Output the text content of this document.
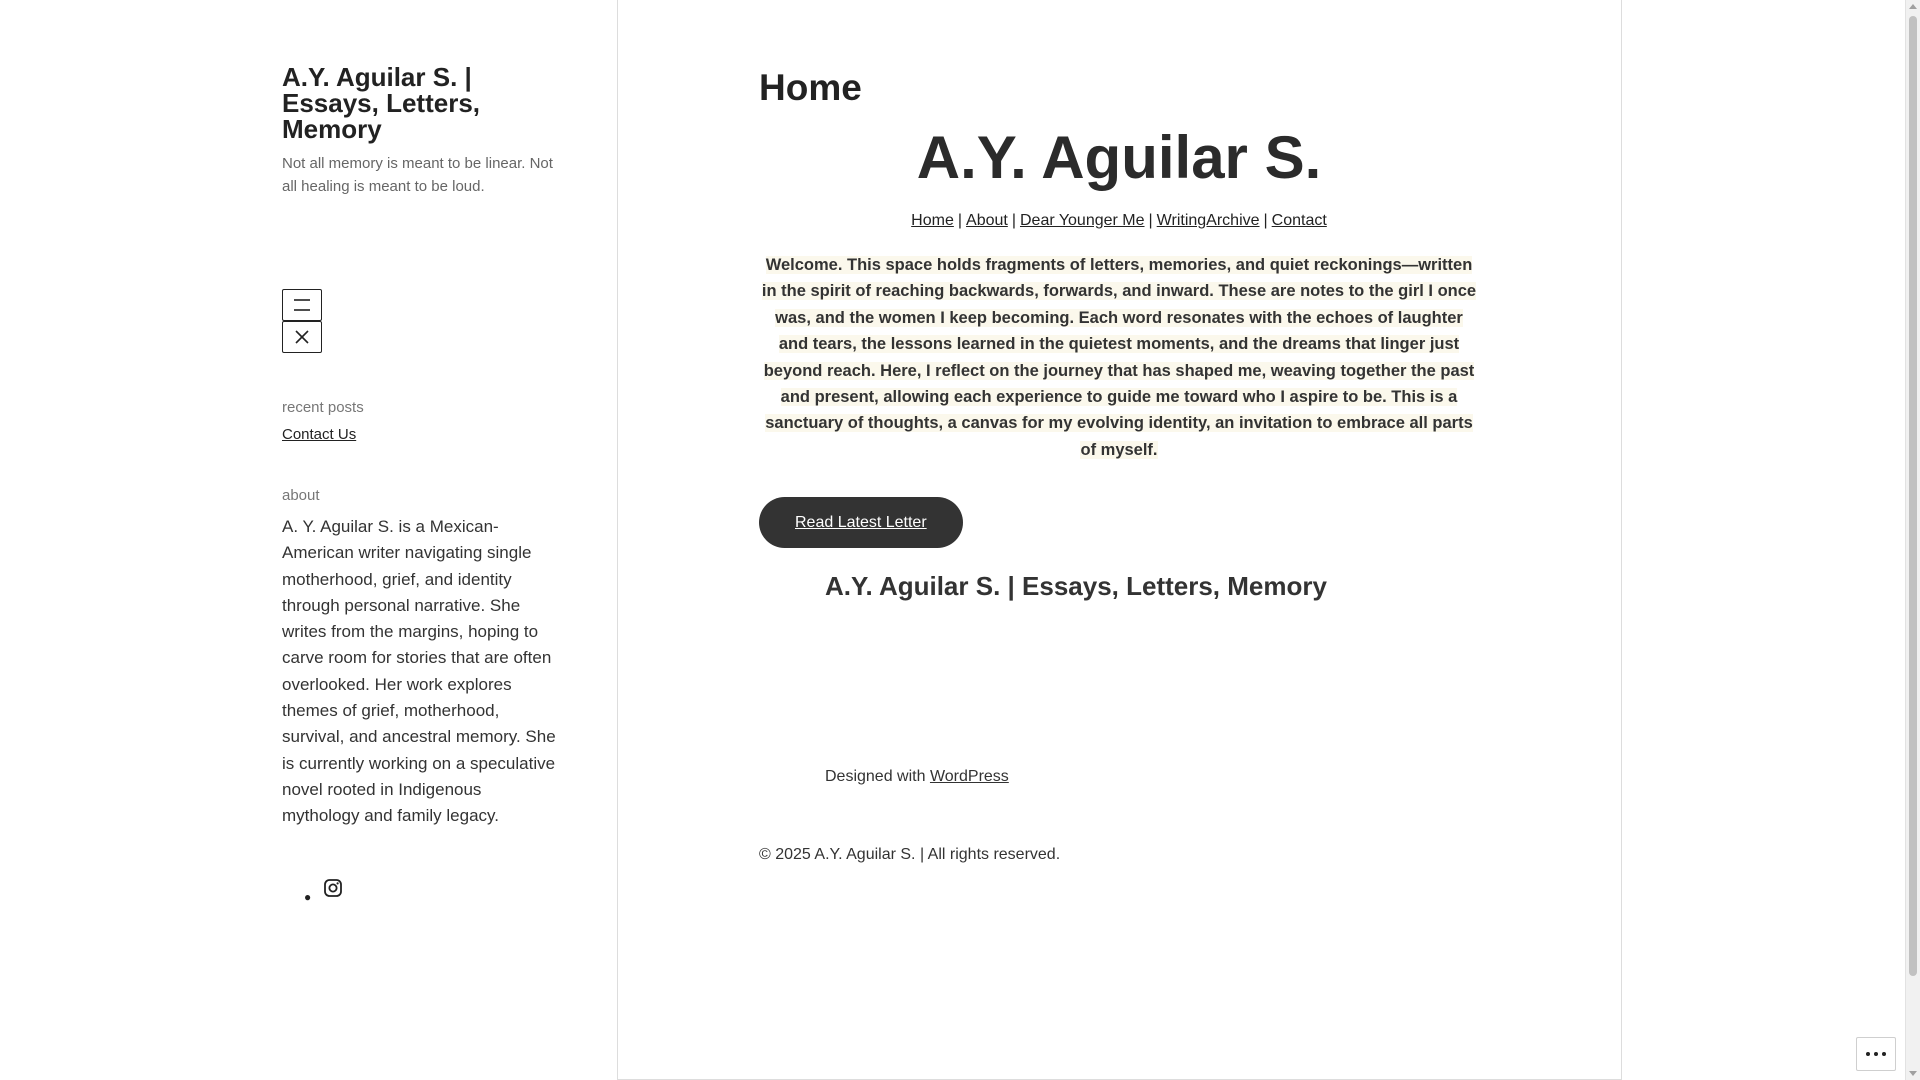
A.Y. Aguilar S. | Essays, Letters, Memory
Not all memory is meant to be linear. Not all healing is meant to be loud.
recent posts
Contact Us
about
A. Y. Aguilar S. is a Mexican-American writer navigating single motherhood, grief, and identity through personal narrative. She writes from the margins, hoping to carve room for stories that are often overlooked. Her work explores themes of grief, motherhood, survival, and ancestral memory. She is currently working on a speculative novel rooted in Indigenous mythology and family legacy.
●
Home
A.Y. Aguilar S.
Home | About | Dear Younger Me | WritingArchive | Contact
Welcome. This space holds fragments of letters, memories, and quiet reckonings—written in the spirit of reaching backwards, forwards, and inward. These are notes to the girl I once was, and the women I keep becoming. Each word resonates with the echoes of laughter and tears, the lessons learned in the quietest moments, and the dreams that linger just beyond reach. Here, I reflect on the journey that has shaped me, weaving together the past and present, allowing each experience to guide me toward who I aspire to be. This is a sanctuary of thoughts, a canvas for my evolving identity, an invitation to embrace all parts of myself.
Read Latest Letter
A.Y. Aguilar S. | Essays, Letters, Memory
Designed with WordPress
© 2025 A.Y. Aguilar S. | All rights reserved.
